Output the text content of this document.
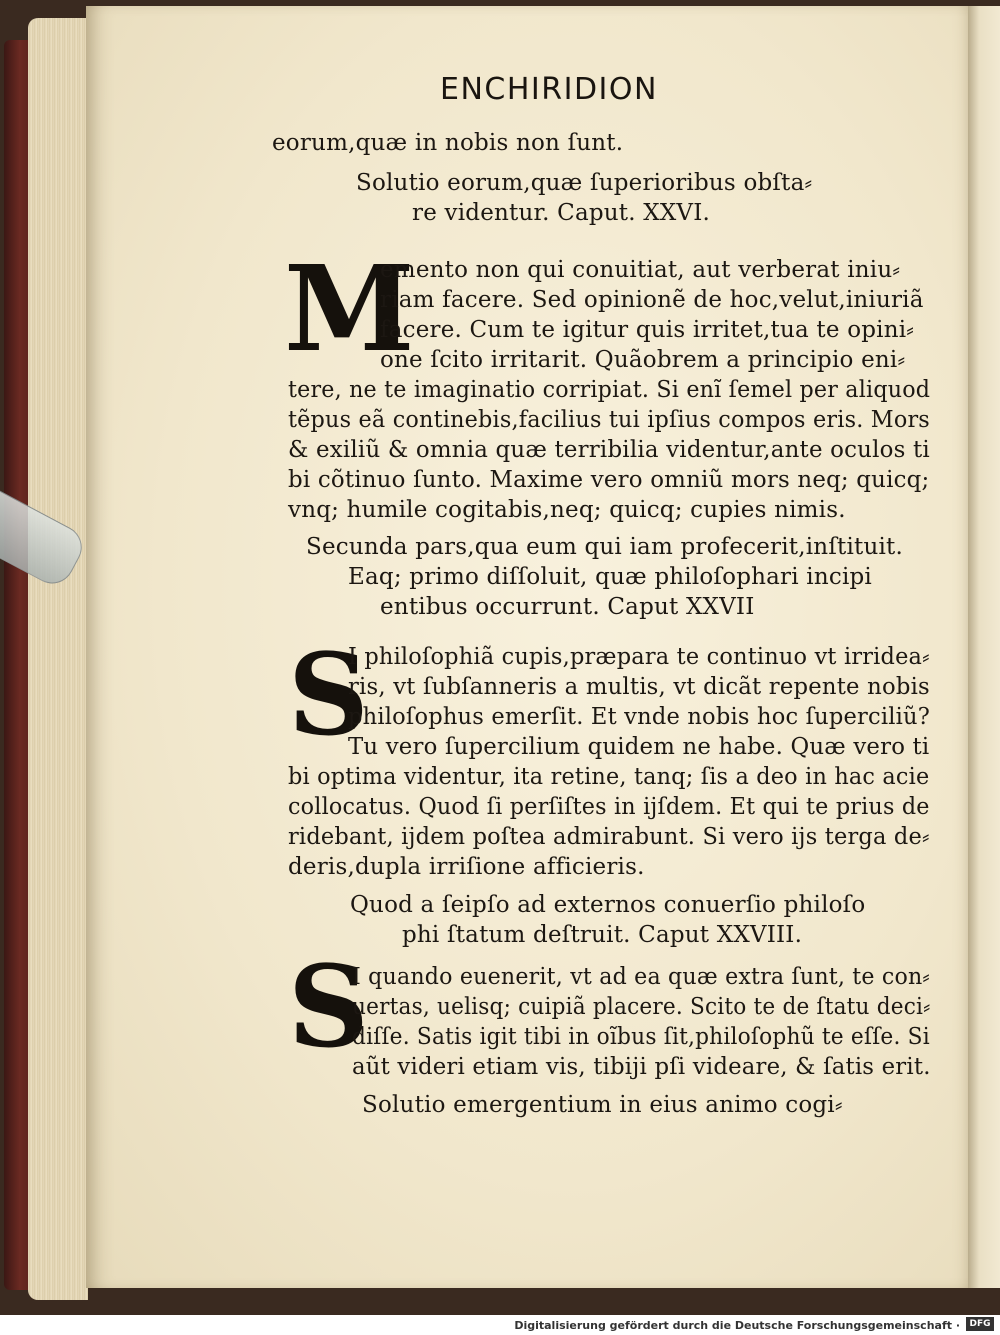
ENCHIRIDION
eorum,quæ in nobis non ſunt.
Solutio eorum,quæ ſuperioribus obſta⸗
re videntur. Caput. XXVI.
M
emento non qui conuitiat, aut verberat iniu⸗
riam facere. Sed opinionẽ de hoc,velut,iniuriã
facere. Cum te igitur quis irritet,tua te opini⸗
one ſcito irritarit. Quãobrem a principio eni⸗
tere, ne te imaginatio corripiat. Si enĩ ſemel per aliquod
tẽpus eã continebis,facilius tui ipſius compos eris. Mors
& exiliũ & omnia quæ terribilia videntur,ante oculos ti
bi cõtinuo ſunto. Maxime vero omniũ mors neq; quicq;
vnq; humile cogitabis,neq; quicq; cupies nimis.
Secunda pars,qua eum qui iam profecerit,inſtituit.
Eaq; primo diſſoluit, quæ philoſophari incipi
entibus occurrunt. Caput XXVII
S
I philoſophiã cupis,præpara te continuo vt irridea⸗
ris, vt ſubſanneris a multis, vt dicãt repente nobis
philoſophus emerſit. Et vnde nobis hoc ſuperciliũ?
Tu vero ſupercilium quidem ne habe. Quæ vero ti
bi optima videntur, ita retine, tanq; ſis a deo in hac acie
collocatus. Quod ſi perſiſtes in ijſdem. Et qui te prius de
ridebant, ijdem poſtea admirabunt. Si vero ijs terga de⸗
deris,dupla irriſione afficieris.
Quod a ſeipſo ad externos conuerſio philoſo
phi ſtatum deſtruit. Caput XXVIII.
S
I quando euenerit, vt ad ea quæ extra ſunt, te con⸗
uertas, uelisq; cuipiã placere. Scito te de ſtatu deci⸗
diſſe. Satis igit tibi in oĩbus ſit,philoſophũ te eſſe. Si
aũt videri etiam vis, tibiji pſi videare, & ſatis erit.
Solutio emergentium in eius animo cogi⸗
Digitalisierung gefördert durch die Deutsche Forschungsgemeinschaft ·	DFG
